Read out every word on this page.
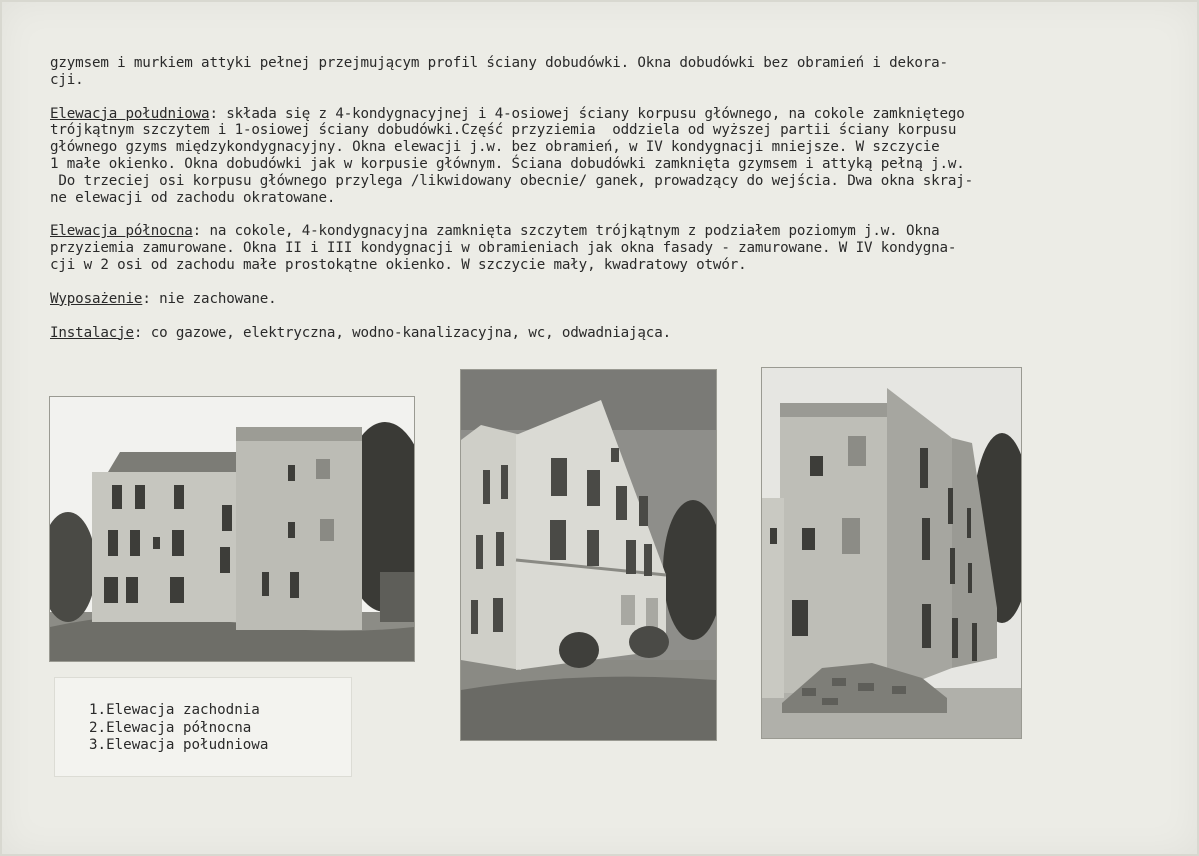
gzymsem i murkiem attyki pełnej przejmującym profil ściany dobudówki. Okna dobudówki bez obramień i dekora-
cji.

Elewacja południowa: składa się z 4-kondygnacyjnej i 4-osiowej ściany korpusu głównego, na cokole zamkniętego
trójkątnym szczytem i 1-osiowej ściany dobudówki.Część przyziemia  oddziela od wyższej partii ściany korpusu
głównego gzyms międzykondygnacyjny. Okna elewacji j.w. bez obramień, w IV kondygnacji mniejsze. W szczycie
1 małe okienko. Okna dobudówki jak w korpusie głównym. Ściana dobudówki zamknięta gzymsem i attyką pełną j.w.
Do trzeciej osi korpusu głównego przylega /likwidowany obecnie/ ganek, prowadzący do wejścia. Dwa okna skraj-
ne elewacji od zachodu okratowane.

Elewacja północna: na cokole, 4-kondygnacyjna zamknięta szczytem trójkątnym z podziałem poziomym j.w. Okna
przyziemia zamurowane. Okna II i III kondygnacji w obramieniach jak okna fasady - zamurowane. W IV kondygna-
cji w 2 osi od zachodu małe prostokątne okienko. W szczycie mały, kwadratowy otwór.

Wyposażenie: nie zachowane.

Instalacje: co gazowe, elektryczna, wodno-kanalizacyjna, wc, odwadniająca.

1.Elewacja zachodnia
2.Elewacja północna
3.Elewacja południowa
